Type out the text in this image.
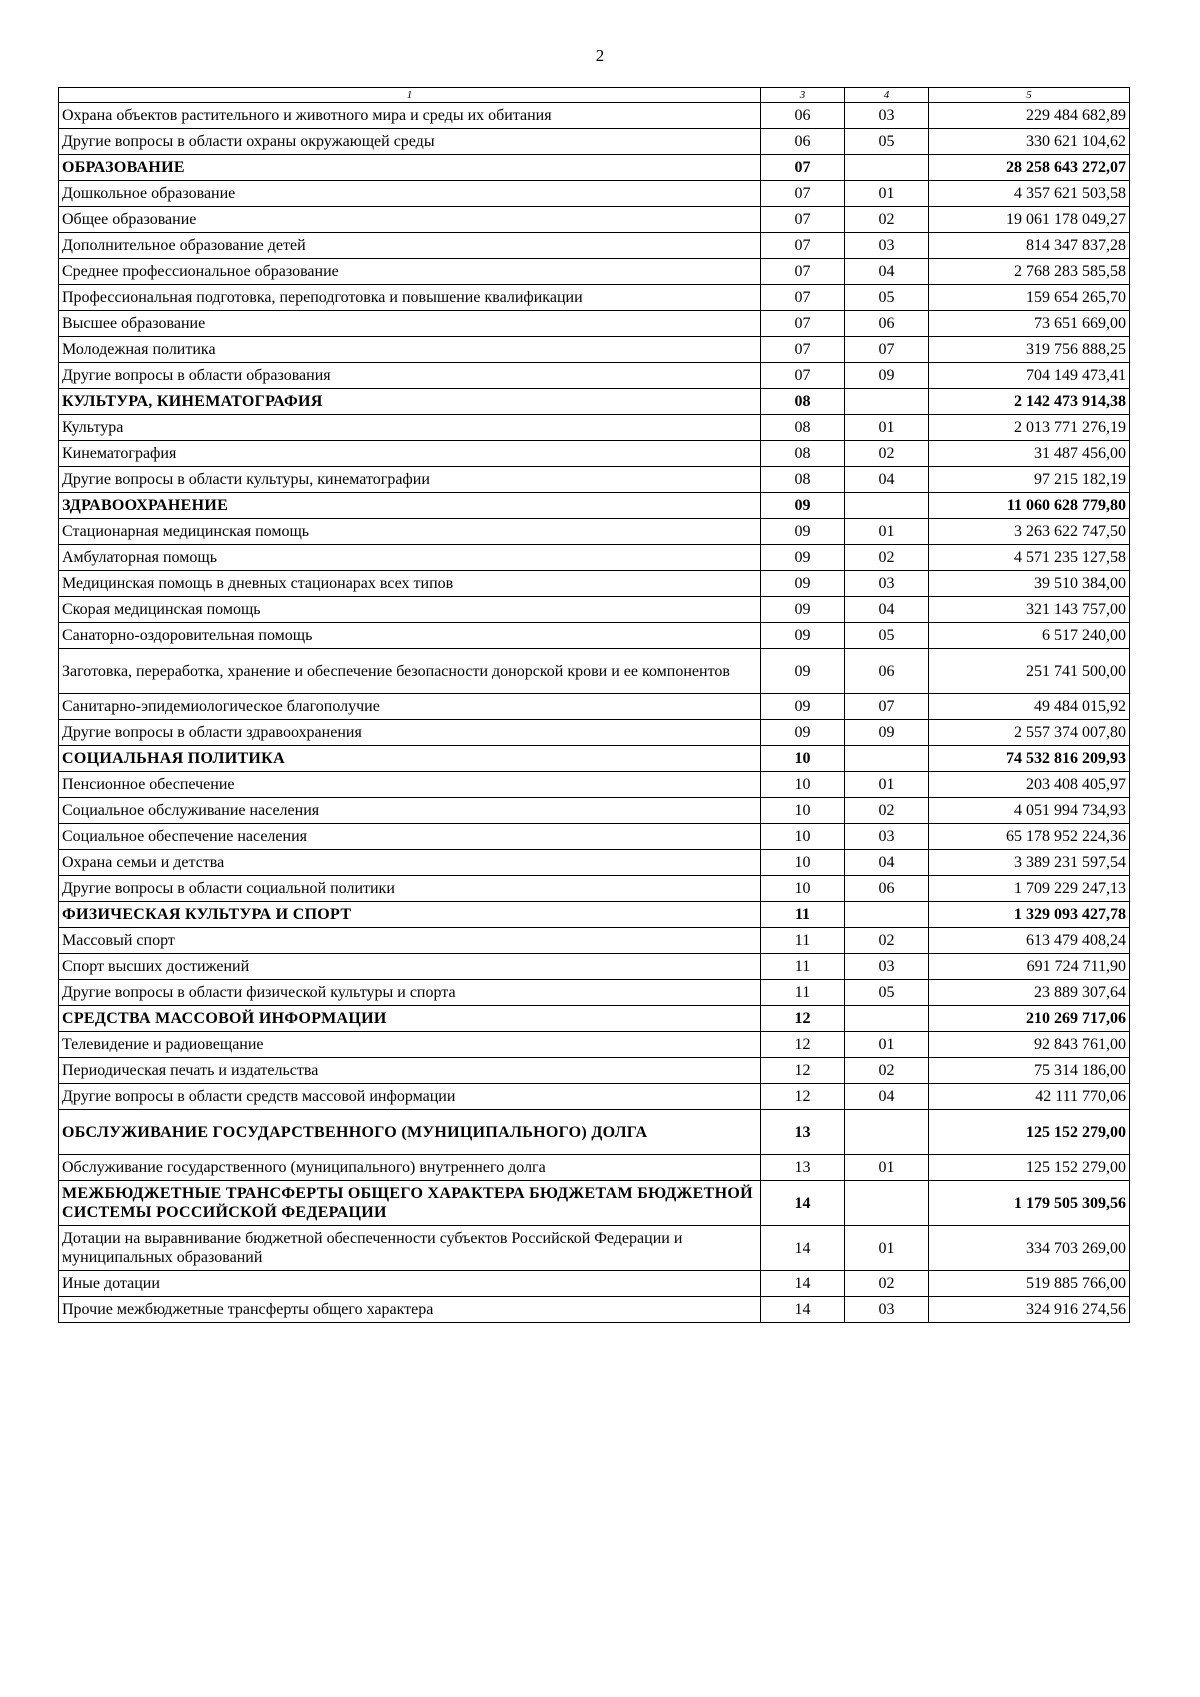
2
1	3	4	5
Охрана объектов растительного и животного мира и среды их обитания	06	03	229 484 682,89
Другие вопросы в области охраны окружающей среды	06	05	330 621 104,62
ОБРАЗОВАНИЕ	07		28 258 643 272,07
Дошкольное образование	07	01	4 357 621 503,58
Общее образование	07	02	19 061 178 049,27
Дополнительное образование детей	07	03	814 347 837,28
Среднее профессиональное образование	07	04	2 768 283 585,58
Профессиональная подготовка, переподготовка и повышение квалификации	07	05	159 654 265,70
Высшее образование	07	06	73 651 669,00
Молодежная политика	07	07	319 756 888,25
Другие вопросы в области образования	07	09	704 149 473,41
КУЛЬТУРА, КИНЕМАТОГРАФИЯ	08		2 142 473 914,38
Культура	08	01	2 013 771 276,19
Кинематография	08	02	31 487 456,00
Другие вопросы в области культуры, кинематографии	08	04	97 215 182,19
ЗДРАВООХРАНЕНИЕ	09		11 060 628 779,80
Стационарная медицинская помощь	09	01	3 263 622 747,50
Амбулаторная помощь	09	02	4 571 235 127,58
Медицинская помощь в дневных стационарах всех типов	09	03	39 510 384,00
Скорая медицинская помощь	09	04	321 143 757,00
Санаторно-оздоровительная помощь	09	05	6 517 240,00
Заготовка, переработка, хранение и обеспечение безопасности донорской крови и ее компонентов	09	06	251 741 500,00
Санитарно-эпидемиологическое благополучие	09	07	49 484 015,92
Другие вопросы в области здравоохранения	09	09	2 557 374 007,80
СОЦИАЛЬНАЯ ПОЛИТИКА	10		74 532 816 209,93
Пенсионное обеспечение	10	01	203 408 405,97
Социальное обслуживание населения	10	02	4 051 994 734,93
Социальное обеспечение населения	10	03	65 178 952 224,36
Охрана семьи и детства	10	04	3 389 231 597,54
Другие вопросы в области социальной политики	10	06	1 709 229 247,13
ФИЗИЧЕСКАЯ КУЛЬТУРА И СПОРТ	11		1 329 093 427,78
Массовый спорт	11	02	613 479 408,24
Спорт высших достижений	11	03	691 724 711,90
Другие вопросы в области физической культуры и спорта	11	05	23 889 307,64
СРЕДСТВА МАССОВОЙ ИНФОРМАЦИИ	12		210 269 717,06
Телевидение и радиовещание	12	01	92 843 761,00
Периодическая печать и издательства	12	02	75 314 186,00
Другие вопросы в области средств массовой информации	12	04	42 111 770,06
ОБСЛУЖИВАНИЕ ГОСУДАРСТВЕННОГО (МУНИЦИПАЛЬНОГО) ДОЛГА	13		125 152 279,00
Обслуживание государственного (муниципального) внутреннего долга	13	01	125 152 279,00
МЕЖБЮДЖЕТНЫЕ ТРАНСФЕРТЫ ОБЩЕГО ХАРАКТЕРА БЮДЖЕТАМ БЮДЖЕТНОЙ СИСТЕМЫ РОССИЙСКОЙ ФЕДЕРАЦИИ	14		1 179 505 309,56
Дотации на выравнивание бюджетной обеспеченности субъектов Российской Федерации и муниципальных образований	14	01	334 703 269,00
Иные дотации	14	02	519 885 766,00
Прочие межбюджетные трансферты общего характера	14	03	324 916 274,56
